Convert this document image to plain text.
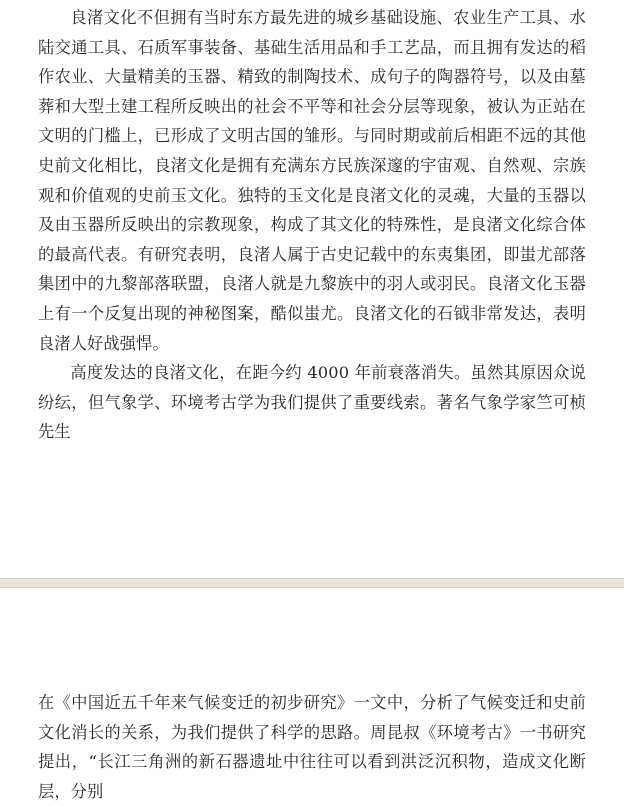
良渚文化不但拥有当时东方最先进的城乡基础设施、农业生产工具、水陆交通工具、石质军事装备、基础生活用品和手工艺品，而且拥有发达的稻作农业、大量精美的玉器、精致的制陶技术、成句子的陶器符号，以及由墓葬和大型土建工程所反映出的社会不平等和社会分层等现象，被认为正站在文明的门槛上，已形成了文明古国的雏形。与同时期或前后相距不远的其他史前文化相比，良渚文化是拥有充满东方民族深邃的宇宙观、自然观、宗族观和价值观的史前玉文化。独特的玉文化是良渚文化的灵魂，大量的玉器以及由玉器所反映出的宗教现象，构成了其文化的特殊性，是良渚文化综合体的最高代表。有研究表明，良渚人属于古史记载中的东夷集团，即蚩尤部落集团中的九黎部落联盟，良渚人就是九黎族中的羽人或羽民。良渚文化玉器上有一个反复出现的神秘图案，酷似蚩尤。良渚文化的石钺非常发达，表明良渚人好战强悍。

高度发达的良渚文化，在距今约 4000 年前衰落消失。虽然其原因众说纷纭，但气象学、环境考古学为我们提供了重要线索。著名气象学家竺可桢先生

在《中国近五千年来气候变迁的初步研究》一文中，分析了气候变迁和史前文化消长的关系，为我们提供了科学的思路。周昆叔《环境考古》一书研究提出，“长江三角洲的新石器遗址中往往可以看到洪泛沉积物，造成文化断层，分别
